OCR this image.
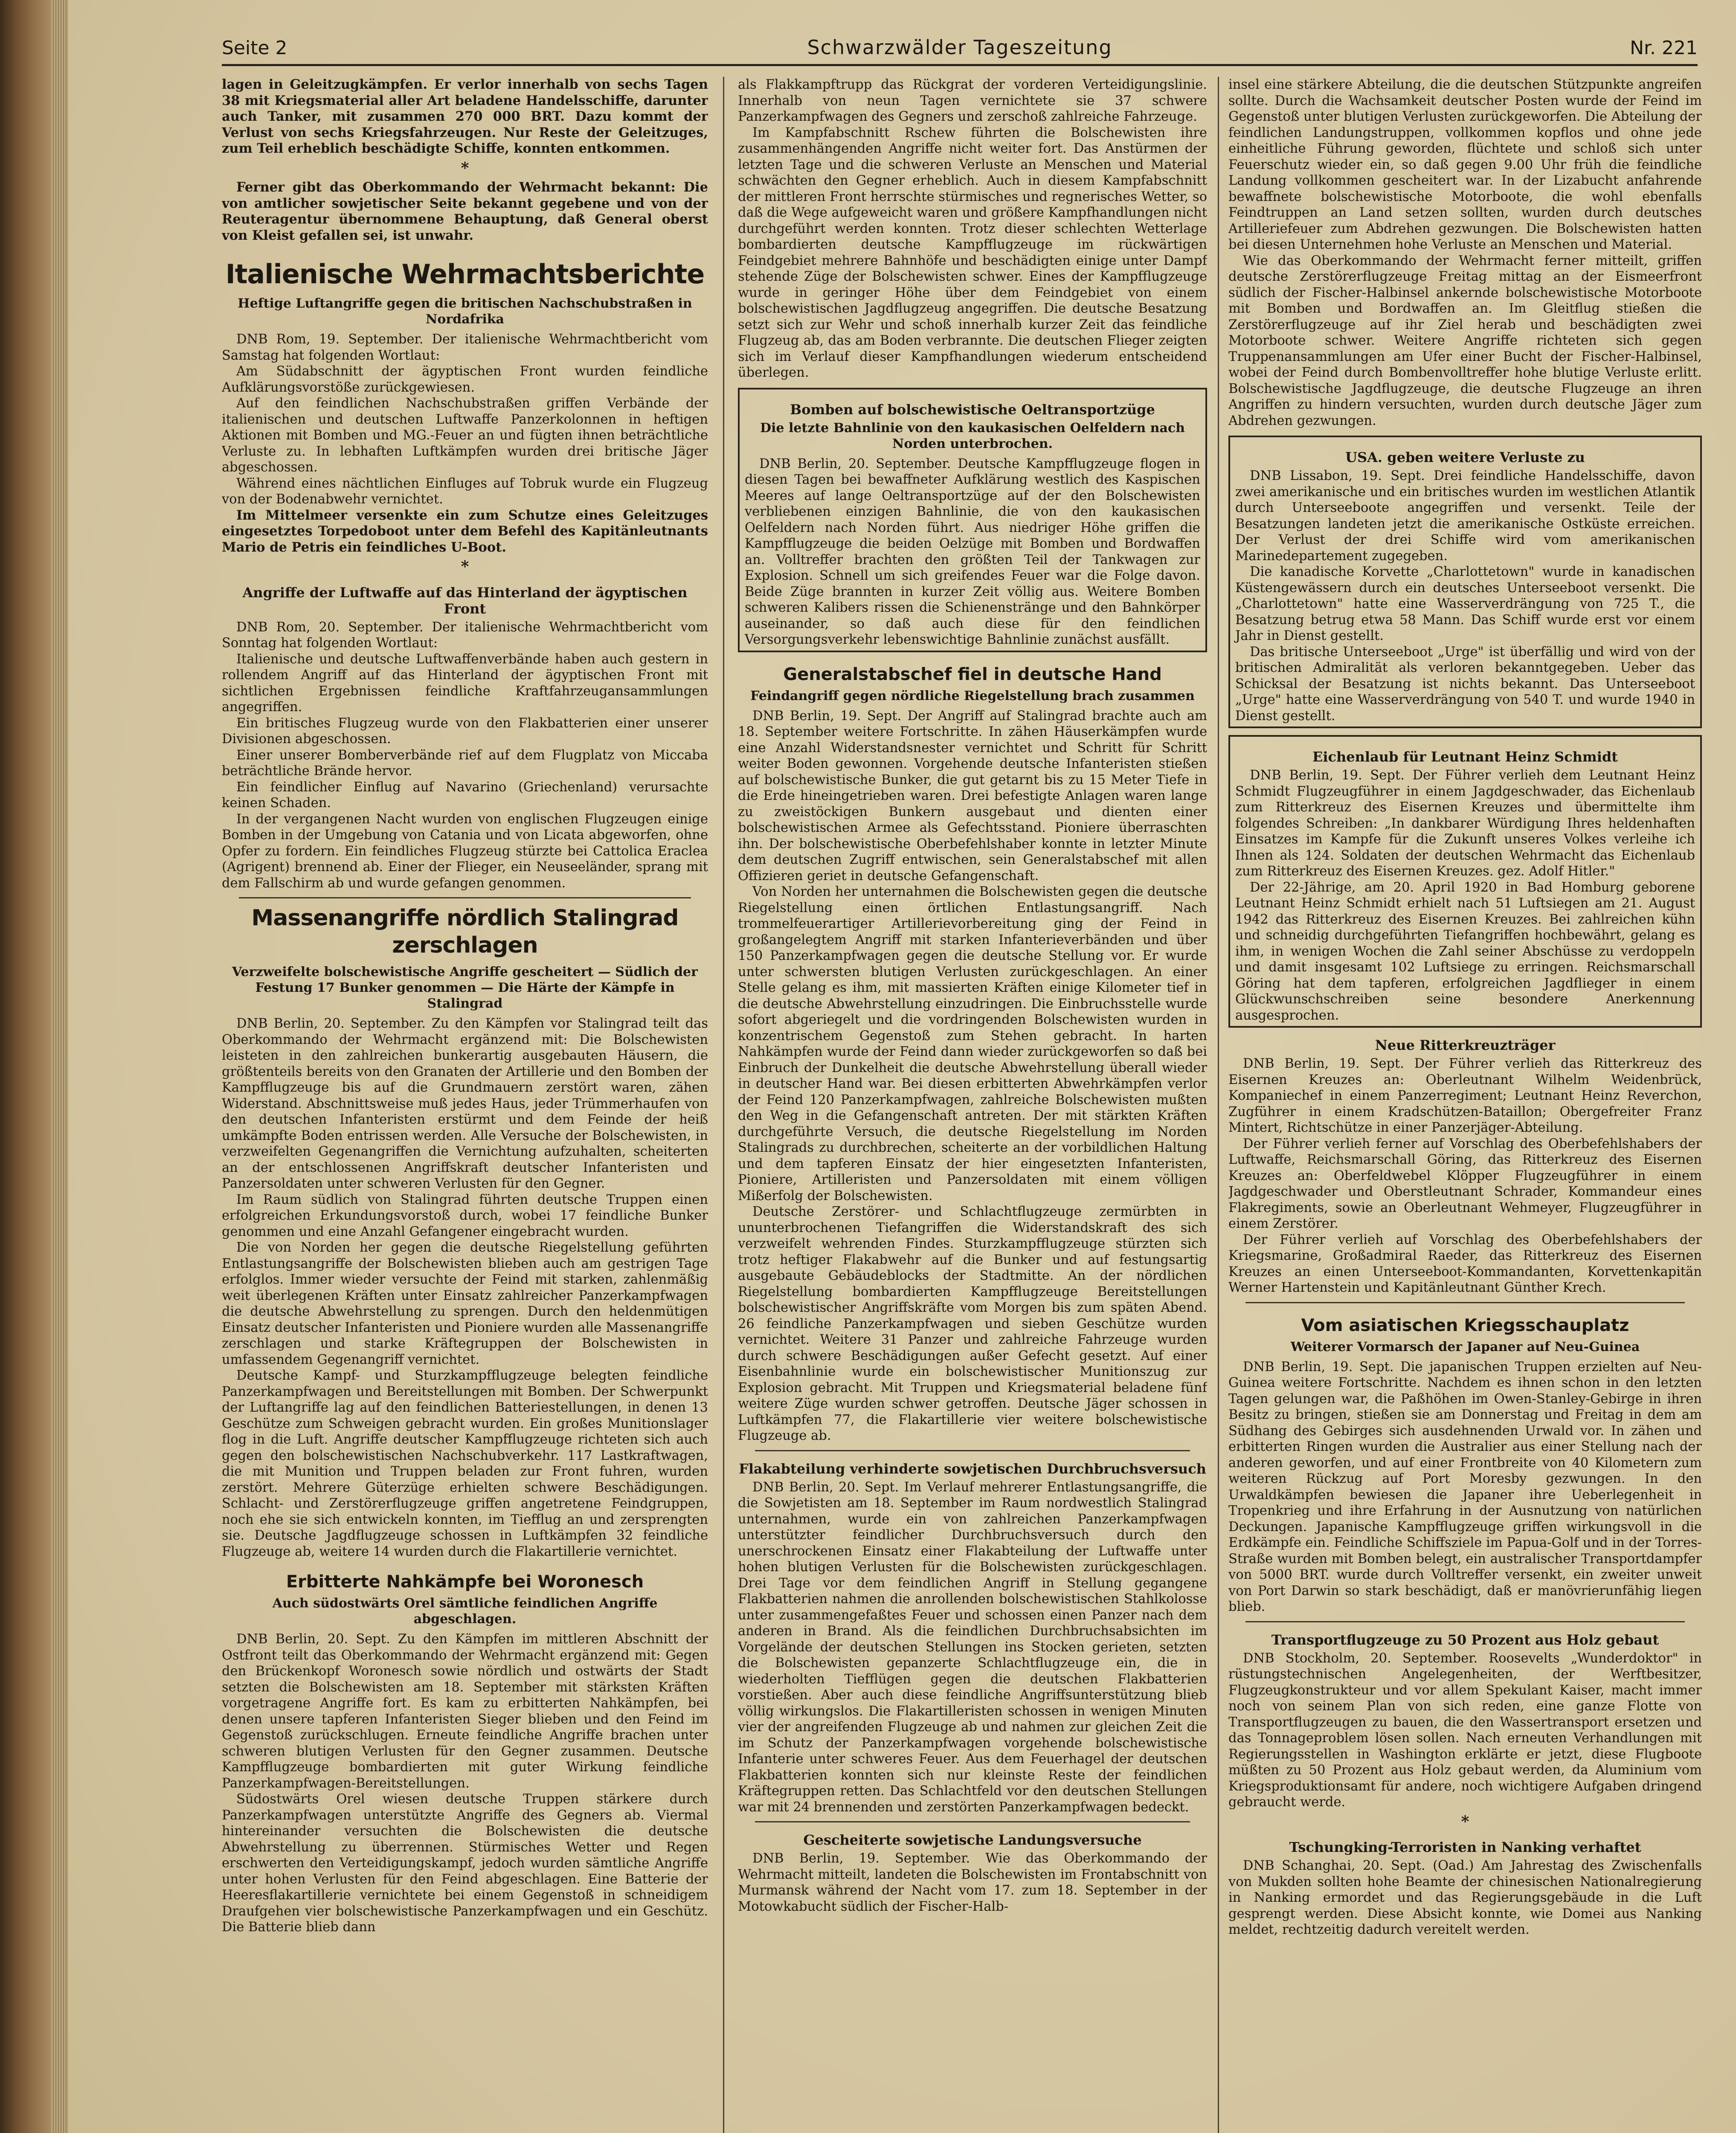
Seite 2	Schwarzwälder Tageszeitung	Nr. 221

lagen in Geleitzugkämpfen. Er verlor innerhalb von sechs Tagen 38 mit Kriegsmaterial aller Art beladene Handelsschiffe, darunter auch Tanker, mit zusammen 270 000 BRT. Dazu kommt der Verlust von sechs Kriegsfahrzeugen. Nur Reste der Geleitzuges, zum Teil erheblich beschädigte Schiffe, konnten entkommen.

*

Ferner gibt das Oberkommando der Wehrmacht bekannt: Die von amtlicher sowjetischer Seite bekannt gegebene und von der Reuteragentur übernommene Behauptung, daß General oberst von Kleist gefallen sei, ist unwahr.

Italienische Wehrmachtsberichte
Heftige Luftangriffe gegen die britischen Nachschubstraßen in Nordafrika

DNB Rom, 19. September. Der italienische Wehrmachtbericht vom Samstag hat folgenden Wortlaut:

Am Südabschnitt der ägyptischen Front wurden feindliche Aufklärungsvorstöße zurückgewiesen.

Auf den feindlichen Nachschubstraßen griffen Verbände der italienischen und deutschen Luftwaffe Panzerkolonnen in heftigen Aktionen mit Bomben und MG.-Feuer an und fügten ihnen beträchtliche Verluste zu. In lebhaften Luftkämpfen wurden drei britische Jäger abgeschossen.

Während eines nächtlichen Einfluges auf Tobruk wurde ein Flugzeug von der Bodenabwehr vernichtet.

Im Mittelmeer versenkte ein zum Schutze eines Geleitzuges eingesetztes Torpedoboot unter dem Befehl des Kapitänleutnants Mario de Petris ein feindliches U-Boot.

*
Angriffe der Luftwaffe auf das Hinterland der ägyptischen Front

DNB Rom, 20. September. Der italienische Wehrmachtbericht vom Sonntag hat folgenden Wortlaut:

Italienische und deutsche Luftwaffenverbände haben auch gestern in rollendem Angriff auf das Hinterland der ägyptischen Front mit sichtlichen Ergebnissen feindliche Kraftfahrzeugansammlungen angegriffen.

Ein britisches Flugzeug wurde von den Flakbatterien einer unserer Divisionen abgeschossen.

Einer unserer Bomberverbände rief auf dem Flugplatz von Miccaba beträchtliche Brände hervor.

Ein feindlicher Einflug auf Navarino (Griechenland) verursachte keinen Schaden.

In der vergangenen Nacht wurden von englischen Flugzeugen einige Bomben in der Umgebung von Catania und von Licata abgeworfen, ohne Opfer zu fordern. Ein feindliches Flugzeug stürzte bei Cattolica Eraclea (Agrigent) brennend ab. Einer der Flieger, ein Neuseeländer, sprang mit dem Fallschirm ab und wurde gefangen genommen.

Massenangriffe nördlich Stalingrad zerschlagen
Verzweifelte bolschewistische Angriffe gescheitert — Südlich der Festung 17 Bunker genommen — Die Härte der Kämpfe in Stalingrad

DNB Berlin, 20. September. Zu den Kämpfen vor Stalingrad teilt das Oberkommando der Wehrmacht ergänzend mit: Die Bolschewisten leisteten in den zahlreichen bunkerartig ausgebauten Häusern, die größtenteils bereits von den Granaten der Artillerie und den Bomben der Kampfflugzeuge bis auf die Grundmauern zerstört waren, zähen Widerstand. Abschnittsweise muß jedes Haus, jeder Trümmerhaufen von den deutschen Infanteristen erstürmt und dem Feinde der heiß umkämpfte Boden entrissen werden. Alle Versuche der Bolschewisten, in verzweifelten Gegenangriffen die Vernichtung aufzuhalten, scheiterten an der entschlossenen Angriffskraft deutscher Infanteristen und Panzersoldaten unter schweren Verlusten für den Gegner.

Im Raum südlich von Stalingrad führten deutsche Truppen einen erfolgreichen Erkundungsvorstoß durch, wobei 17 feindliche Bunker genommen und eine Anzahl Gefangener eingebracht wurden.

Die von Norden her gegen die deutsche Riegelstellung geführten Entlastungsangriffe der Bolschewisten blieben auch am gestrigen Tage erfolglos. Immer wieder versuchte der Feind mit starken, zahlenmäßig weit überlegenen Kräften unter Einsatz zahlreicher Panzerkampfwagen die deutsche Abwehrstellung zu sprengen. Durch den heldenmütigen Einsatz deutscher Infanteristen und Pioniere wurden alle Massenangriffe zerschlagen und starke Kräftegruppen der Bolschewisten in umfassendem Gegenangriff vernichtet.

Deutsche Kampf- und Sturzkampfflugzeuge belegten feindliche Panzerkampfwagen und Bereitstellungen mit Bomben. Der Schwerpunkt der Luftangriffe lag auf den feindlichen Batteriestellungen, in denen 13 Geschütze zum Schweigen gebracht wurden. Ein großes Munitionslager flog in die Luft. Angriffe deutscher Kampfflugzeuge richteten sich auch gegen den bolschewistischen Nachschubverkehr. 117 Lastkraftwagen, die mit Munition und Truppen beladen zur Front fuhren, wurden zerstört. Mehrere Güterzüge erhielten schwere Beschädigungen. Schlacht- und Zerstörerflugzeuge griffen angetretene Feindgruppen, noch ehe sie sich entwickeln konnten, im Tiefflug an und zersprengten sie. Deutsche Jagdflugzeuge schossen in Luftkämpfen 32 feindliche Flugzeuge ab, weitere 14 wurden durch die Flakartillerie vernichtet.

Erbitterte Nahkämpfe bei Woronesch
Auch südostwärts Orel sämtliche feindlichen Angriffe abgeschlagen.

DNB Berlin, 20. Sept. Zu den Kämpfen im mittleren Abschnitt der Ostfront teilt das Oberkommando der Wehrmacht ergänzend mit: Gegen den Brückenkopf Woronesch sowie nördlich und ostwärts der Stadt setzten die Bolschewisten am 18. September mit stärksten Kräften vorgetragene Angriffe fort. Es kam zu erbitterten Nahkämpfen, bei denen unsere tapferen Infanteristen Sieger blieben und den Feind im Gegenstoß zurückschlugen. Erneute feindliche Angriffe brachen unter schweren blutigen Verlusten für den Gegner zusammen. Deutsche Kampfflugzeuge bombardierten mit guter Wirkung feindliche Panzerkampfwagen-Bereitstellungen.

Südostwärts Orel wiesen deutsche Truppen stärkere durch Panzerkampfwagen unterstützte Angriffe des Gegners ab. Viermal hintereinander versuchten die Bolschewisten die deutsche Abwehrstellung zu überrennen. Stürmisches Wetter und Regen erschwerten den Verteidigungskampf, jedoch wurden sämtliche Angriffe unter hohen Verlusten für den Feind abgeschlagen. Eine Batterie der Heeresflakartillerie vernichtete bei einem Gegenstoß in schneidigem Draufgehen vier bolschewistische Panzerkampfwagen und ein Geschütz. Die Batterie blieb dann

als Flakkampftrupp das Rückgrat der vorderen Verteidigungslinie. Innerhalb von neun Tagen vernichtete sie 37 schwere Panzerkampfwagen des Gegners und zerschoß zahlreiche Fahrzeuge.

Im Kampfabschnitt Rschew führten die Bolschewisten ihre zusammenhängenden Angriffe nicht weiter fort. Das Anstürmen der letzten Tage und die schweren Verluste an Menschen und Material schwächten den Gegner erheblich. Auch in diesem Kampfabschnitt der mittleren Front herrschte stürmisches und regnerisches Wetter, so daß die Wege aufgeweicht waren und größere Kampfhandlungen nicht durchgeführt werden konnten. Trotz dieser schlechten Wetterlage bombardierten deutsche Kampfflugzeuge im rückwärtigen Feindgebiet mehrere Bahnhöfe und beschädigten einige unter Dampf stehende Züge der Bolschewisten schwer. Eines der Kampfflugzeuge wurde in geringer Höhe über dem Feindgebiet von einem bolschewistischen Jagdflugzeug angegriffen. Die deutsche Besatzung setzt sich zur Wehr und schoß innerhalb kurzer Zeit das feindliche Flugzeug ab, das am Boden verbrannte. Die deutschen Flieger zeigten sich im Verlauf dieser Kampfhandlungen wiederum entscheidend überlegen.

Bomben auf bolschewistische Oeltransportzüge
Die letzte Bahnlinie von den kaukasischen Oelfeldern nach Norden unterbrochen.

DNB Berlin, 20. September. Deutsche Kampfflugzeuge flogen in diesen Tagen bei bewaffneter Aufklärung westlich des Kaspischen Meeres auf lange Oeltransportzüge auf der den Bolschewisten verbliebenen einzigen Bahnlinie, die von den kaukasischen Oelfeldern nach Norden führt. Aus niedriger Höhe griffen die Kampfflugzeuge die beiden Oelzüge mit Bomben und Bordwaffen an. Volltreffer brachten den größten Teil der Tankwagen zur Explosion. Schnell um sich greifendes Feuer war die Folge davon. Beide Züge brannten in kurzer Zeit völlig aus. Weitere Bomben schweren Kalibers rissen die Schienenstränge und den Bahnkörper auseinander, so daß auch diese für den feindlichen Versorgungsverkehr lebenswichtige Bahnlinie zunächst ausfällt.

Generalstabschef fiel in deutsche Hand
Feindangriff gegen nördliche Riegelstellung brach zusammen

DNB Berlin, 19. Sept. Der Angriff auf Stalingrad brachte auch am 18. September weitere Fortschritte. In zähen Häuserkämpfen wurde eine Anzahl Widerstandsnester vernichtet und Schritt für Schritt weiter Boden gewonnen. Vorgehende deutsche Infanteristen stießen auf bolschewistische Bunker, die gut getarnt bis zu 15 Meter Tiefe in die Erde hineingetrieben waren. Drei befestigte Anlagen waren lange zu zweistöckigen Bunkern ausgebaut und dienten einer bolschewistischen Armee als Gefechtsstand. Pioniere überraschten ihn. Der bolschewistische Oberbefehlshaber konnte in letzter Minute dem deutschen Zugriff entwischen, sein Generalstabschef mit allen Offizieren geriet in deutsche Gefangenschaft.

Von Norden her unternahmen die Bolschewisten gegen die deutsche Riegelstellung einen örtlichen Entlastungsangriff. Nach trommelfeuerartiger Artillerievorbereitung ging der Feind in großangelegtem Angriff mit starken Infanterieverbänden und über 150 Panzerkampfwagen gegen die deutsche Stellung vor. Er wurde unter schwersten blutigen Verlusten zurückgeschlagen. An einer Stelle gelang es ihm, mit massierten Kräften einige Kilometer tief in die deutsche Abwehrstellung einzudringen. Die Einbruchsstelle wurde sofort abgeriegelt und die vordringenden Bolschewisten wurden in konzentrischem Gegenstoß zum Stehen gebracht. In harten Nahkämpfen wurde der Feind dann wieder zurückgeworfen so daß bei Einbruch der Dunkelheit die deutsche Abwehrstellung überall wieder in deutscher Hand war. Bei diesen erbitterten Abwehrkämpfen verlor der Feind 120 Panzerkampfwagen, zahlreiche Bolschewisten mußten den Weg in die Gefangenschaft antreten. Der mit stärkten Kräften durchgeführte Versuch, die deutsche Riegelstellung im Norden Stalingrads zu durchbrechen, scheiterte an der vorbildlichen Haltung und dem tapferen Einsatz der hier eingesetzten Infanteristen, Pioniere, Artilleristen und Panzersoldaten mit einem völligen Mißerfolg der Bolschewisten.

Deutsche Zerstörer- und Schlachtflugzeuge zermürbten in ununterbrochenen Tiefangriffen die Widerstandskraft des sich verzweifelt wehrenden Findes. Sturzkampfflugzeuge stürzten sich trotz heftiger Flakabwehr auf die Bunker und auf festungsartig ausgebaute Gebäudeblocks der Stadtmitte. An der nördlichen Riegelstellung bombardierten Kampfflugzeuge Bereitstellungen bolschewistischer Angriffskräfte vom Morgen bis zum späten Abend. 26 feindliche Panzerkampfwagen und sieben Geschütze wurden vernichtet. Weitere 31 Panzer und zahlreiche Fahrzeuge wurden durch schwere Beschädigungen außer Gefecht gesetzt. Auf einer Eisenbahnlinie wurde ein bolschewistischer Munitionszug zur Explosion gebracht. Mit Truppen und Kriegsmaterial beladene fünf weitere Züge wurden schwer getroffen. Deutsche Jäger schossen in Luftkämpfen 77, die Flakartillerie vier weitere bolschewistische Flugzeuge ab.

Flakabteilung verhinderte sowjetischen Durchbruchsversuch

DNB Berlin, 20. Sept. Im Verlauf mehrerer Entlastungsangriffe, die die Sowjetisten am 18. September im Raum nordwestlich Stalingrad unternahmen, wurde ein von zahlreichen Panzerkampfwagen unterstützter feindlicher Durchbruchsversuch durch den unerschrockenen Einsatz einer Flakabteilung der Luftwaffe unter hohen blutigen Verlusten für die Bolschewisten zurückgeschlagen. Drei Tage vor dem feindlichen Angriff in Stellung gegangene Flakbatterien nahmen die anrollenden bolschewistischen Stahlkolosse unter zusammengefaßtes Feuer und schossen einen Panzer nach dem anderen in Brand. Als die feindlichen Durchbruchsabsichten im Vorgelände der deutschen Stellungen ins Stocken gerieten, setzten die Bolschewisten gepanzerte Schlachtflugzeuge ein, die in wiederholten Tiefflügen gegen die deutschen Flakbatterien vorstießen. Aber auch diese feindliche Angriffsunterstützung blieb völlig wirkungslos. Die Flakartilleristen schossen in wenigen Minuten vier der angreifenden Flugzeuge ab und nahmen zur gleichen Zeit die im Schutz der Panzerkampfwagen vorgehende bolschewistische Infanterie unter schweres Feuer. Aus dem Feuerhagel der deutschen Flakbatterien konnten sich nur kleinste Reste der feindlichen Kräftegruppen retten. Das Schlachtfeld vor den deutschen Stellungen war mit 24 brennenden und zerstörten Panzerkampfwagen bedeckt.

Gescheiterte sowjetische Landungsversuche

DNB Berlin, 19. September. Wie das Oberkommando der Wehrmacht mitteilt, landeten die Bolschewisten im Frontabschnitt von Murmansk während der Nacht vom 17. zum 18. September in der Motowkabucht südlich der Fischer-Halb-

insel eine stärkere Abteilung, die die deutschen Stützpunkte angreifen sollte. Durch die Wachsamkeit deutscher Posten wurde der Feind im Gegenstoß unter blutigen Verlusten zurückgeworfen. Die Abteilung der feindlichen Landungstruppen, vollkommen kopflos und ohne jede einheitliche Führung geworden, flüchtete und schloß sich unter Feuerschutz wieder ein, so daß gegen 9.00 Uhr früh die feindliche Landung vollkommen gescheitert war. In der Lizabucht anfahrende bewaffnete bolschewistische Motorboote, die wohl ebenfalls Feindtruppen an Land setzen sollten, wurden durch deutsches Artilleriefeuer zum Abdrehen gezwungen. Die Bolschewisten hatten bei diesen Unternehmen hohe Verluste an Menschen und Material.

Wie das Oberkommando der Wehrmacht ferner mitteilt, griffen deutsche Zerstörerflugzeuge Freitag mittag an der Eismeerfront südlich der Fischer-Halbinsel ankernde bolschewistische Motorboote mit Bomben und Bordwaffen an. Im Gleitflug stießen die Zerstörerflugzeuge auf ihr Ziel herab und beschädigten zwei Motorboote schwer. Weitere Angriffe richteten sich gegen Truppenansammlungen am Ufer einer Bucht der Fischer-Halbinsel, wobei der Feind durch Bombenvolltreffer hohe blutige Verluste erlitt. Bolschewistische Jagdflugzeuge, die deutsche Flugzeuge an ihren Angriffen zu hindern versuchten, wurden durch deutsche Jäger zum Abdrehen gezwungen.

USA. geben weitere Verluste zu

DNB Lissabon, 19. Sept. Drei feindliche Handelsschiffe, davon zwei amerikanische und ein britisches wurden im westlichen Atlantik durch Unterseeboote angegriffen und versenkt. Teile der Besatzungen landeten jetzt die amerikanische Ostküste erreichen. Der Verlust der drei Schiffe wird vom amerikanischen Marinedepartement zugegeben.

Die kanadische Korvette „Charlottetown" wurde in kanadischen Küstengewässern durch ein deutsches Unterseeboot versenkt. Die „Charlottetown" hatte eine Wasserverdrängung von 725 T., die Besatzung betrug etwa 58 Mann. Das Schiff wurde erst vor einem Jahr in Dienst gestellt.

Das britische Unterseeboot „Urge" ist überfällig und wird von der britischen Admiralität als verloren bekanntgegeben. Ueber das Schicksal der Besatzung ist nichts bekannt. Das Unterseeboot „Urge" hatte eine Wasserverdrängung von 540 T. und wurde 1940 in Dienst gestellt.

Eichenlaub für Leutnant Heinz Schmidt

DNB Berlin, 19. Sept. Der Führer verlieh dem Leutnant Heinz Schmidt Flugzeugführer in einem Jagdgeschwader, das Eichenlaub zum Ritterkreuz des Eisernen Kreuzes und übermittelte ihm folgendes Schreiben: „In dankbarer Würdigung Ihres heldenhaften Einsatzes im Kampfe für die Zukunft unseres Volkes verleihe ich Ihnen als 124. Soldaten der deutschen Wehrmacht das Eichenlaub zum Ritterkreuz des Eisernen Kreuzes. gez. Adolf Hitler."

Der 22-Jährige, am 20. April 1920 in Bad Homburg geborene Leutnant Heinz Schmidt erhielt nach 51 Luftsiegen am 21. August 1942 das Ritterkreuz des Eisernen Kreuzes. Bei zahlreichen kühn und schneidig durchgeführten Tiefangriffen hochbewährt, gelang es ihm, in wenigen Wochen die Zahl seiner Abschüsse zu verdoppeln und damit insgesamt 102 Luftsiege zu erringen. Reichsmarschall Göring hat dem tapferen, erfolgreichen Jagdflieger in einem Glückwunschschreiben seine besondere Anerkennung ausgesprochen.

Neue Ritterkreuzträger

DNB Berlin, 19. Sept. Der Führer verlieh das Ritterkreuz des Eisernen Kreuzes an: Oberleutnant Wilhelm Weidenbrück, Kompaniechef in einem Panzerregiment; Leutnant Heinz Reverchon, Zugführer in einem Kradschützen-Bataillon; Obergefreiter Franz Mintert, Richtschütze in einer Panzerjäger-Abteilung.

Der Führer verlieh ferner auf Vorschlag des Oberbefehlshabers der Luftwaffe, Reichsmarschall Göring, das Ritterkreuz des Eisernen Kreuzes an: Oberfeldwebel Klöpper Flugzeugführer in einem Jagdgeschwader und Oberstleutnant Schrader, Kommandeur eines Flakregiments, sowie an Oberleutnant Wehmeyer, Flugzeugführer in einem Zerstörer.

Der Führer verlieh auf Vorschlag des Oberbefehlshabers der Kriegsmarine, Großadmiral Raeder, das Ritterkreuz des Eisernen Kreuzes an einen Unterseeboot-Kommandanten, Korvettenkapitän Werner Hartenstein und Kapitänleutnant Günther Krech.

Vom asiatischen Kriegsschauplatz
Weiterer Vormarsch der Japaner auf Neu-Guinea

DNB Berlin, 19. Sept. Die japanischen Truppen erzielten auf Neu-Guinea weitere Fortschritte. Nachdem es ihnen schon in den letzten Tagen gelungen war, die Paßhöhen im Owen-Stanley-Gebirge in ihren Besitz zu bringen, stießen sie am Donnerstag und Freitag in dem am Südhang des Gebirges sich ausdehnenden Urwald vor. In zähen und erbitterten Ringen wurden die Australier aus einer Stellung nach der anderen geworfen, und auf einer Frontbreite von 40 Kilometern zum weiteren Rückzug auf Port Moresby gezwungen. In den Urwaldkämpfen bewiesen die Japaner ihre Ueberlegenheit in Tropenkrieg und ihre Erfahrung in der Ausnutzung von natürlichen Deckungen. Japanische Kampfflugzeuge griffen wirkungsvoll in die Erdkämpfe ein. Feindliche Schiffsziele im Papua-Golf und in der Torres-Straße wurden mit Bomben belegt, ein australischer Transportdampfer von 5000 BRT. wurde durch Volltreffer versenkt, ein zweiter unweit von Port Darwin so stark beschädigt, daß er manövrierunfähig liegen blieb.

Transportflugzeuge zu 50 Prozent aus Holz gebaut

DNB Stockholm, 20. September. Roosevelts „Wunderdoktor" in rüstungstechnischen Angelegenheiten, der Werftbesitzer, Flugzeugkonstrukteur und vor allem Spekulant Kaiser, macht immer noch von seinem Plan von sich reden, eine ganze Flotte von Transportflugzeugen zu bauen, die den Wassertransport ersetzen und das Tonnageproblem lösen sollen. Nach erneuten Verhandlungen mit Regierungsstellen in Washington erklärte er jetzt, diese Flugboote müßten zu 50 Prozent aus Holz gebaut werden, da Aluminium vom Kriegsproduktionsamt für andere, noch wichtigere Aufgaben dringend gebraucht werde.

*
Tschungking-Terroristen in Nanking verhaftet

DNB Schanghai, 20. Sept. (Oad.) Am Jahrestag des Zwischenfalls von Mukden sollten hohe Beamte der chinesischen Nationalregierung in Nanking ermordet und das Regierungsgebäude in die Luft gesprengt werden. Diese Absicht konnte, wie Domei aus Nanking meldet, rechtzeitig dadurch vereitelt werden.
